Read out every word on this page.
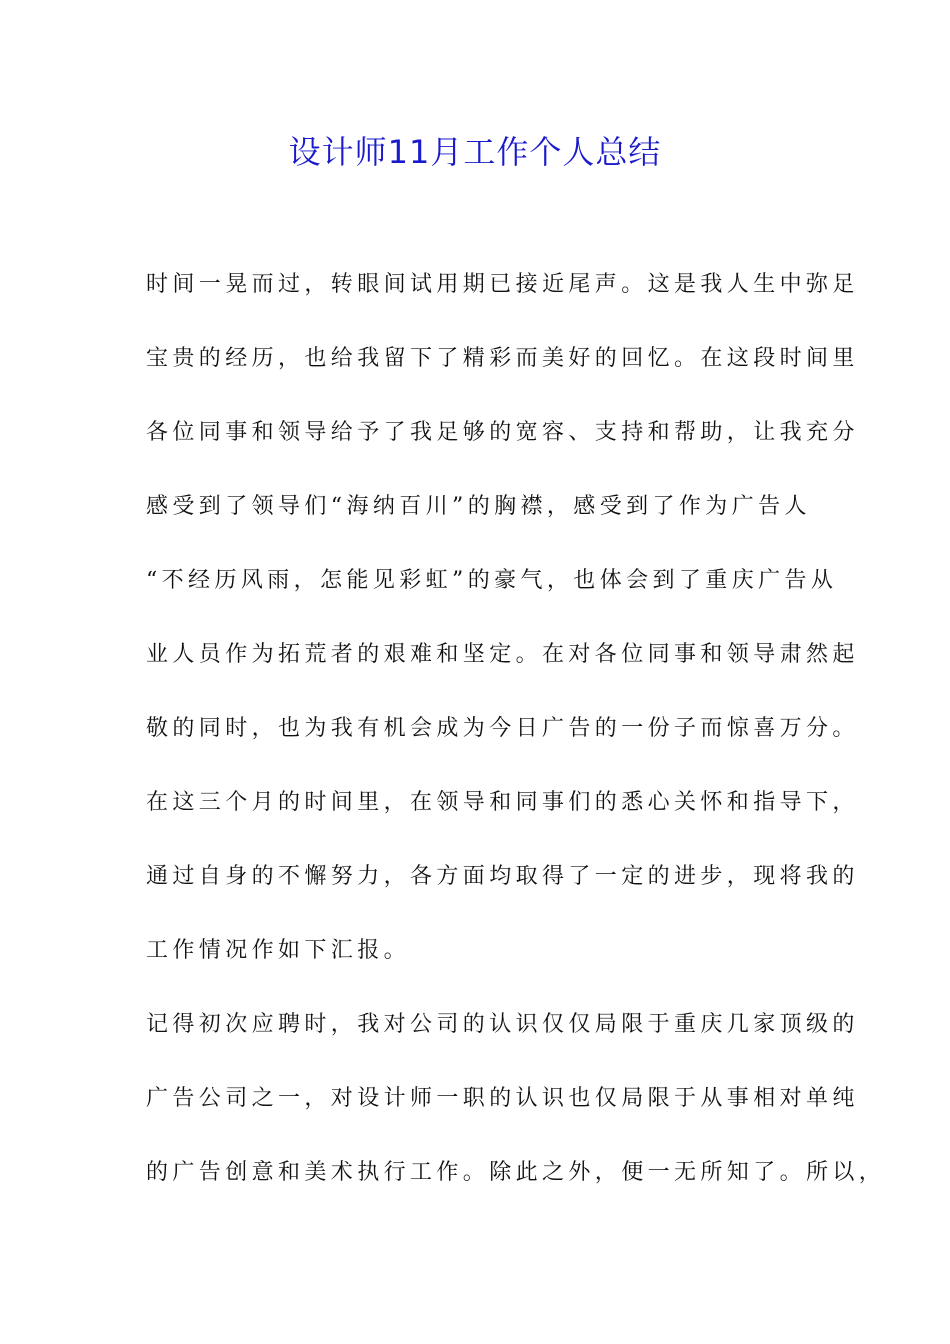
设计师11月工作个人总结
时间一晃而过，转眼间试用期已接近尾声。这是我人生中弥足
宝贵的经历，也给我留下了精彩而美好的回忆。在这段时间里
各位同事和领导给予了我足够的宽容、支持和帮助，让我充分
感受到了领导们“海纳百川”的胸襟，感受到了作为广告人
“不经历风雨，怎能见彩虹”的豪气，也体会到了重庆广告从
业人员作为拓荒者的艰难和坚定。在对各位同事和领导肃然起
敬的同时，也为我有机会成为今日广告的一份子而惊喜万分。
在这三个月的时间里，在领导和同事们的悉心关怀和指导下，
通过自身的不懈努力，各方面均取得了一定的进步，现将我的
工作情况作如下汇报。
记得初次应聘时，我对公司的认识仅仅局限于重庆几家顶级的
广告公司之一，对设计师一职的认识也仅局限于从事相对单纯
的广告创意和美术执行工作。除此之外，便一无所知了。所以，
